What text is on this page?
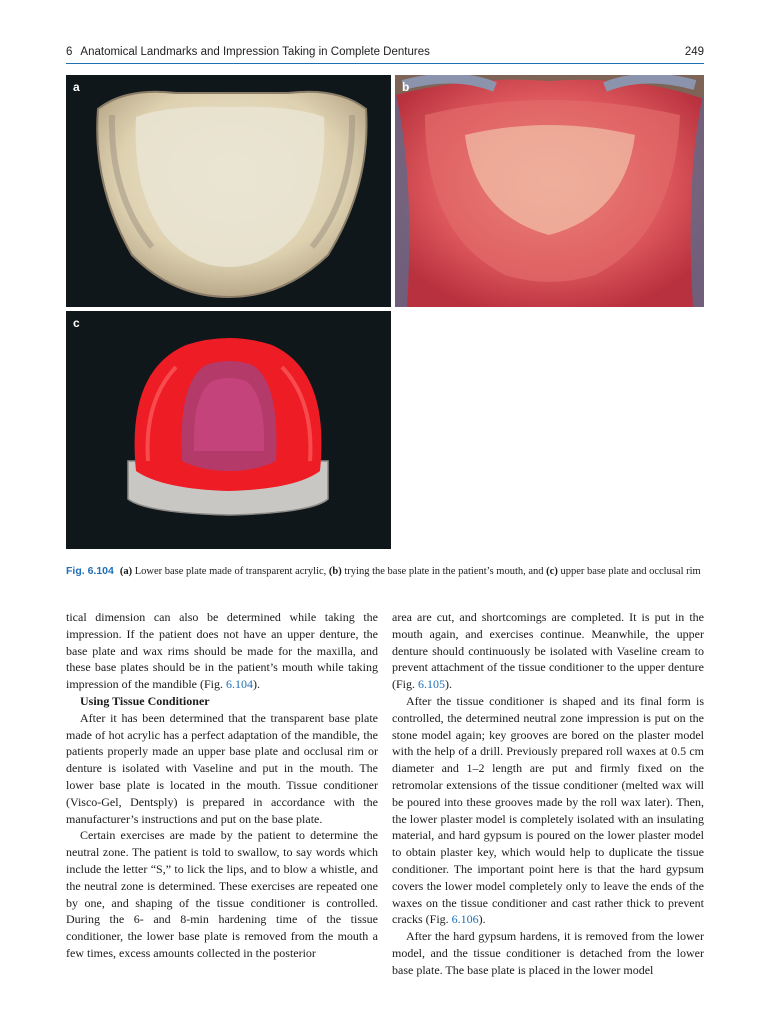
6 Anatomical Landmarks and Impression Taking in Complete Dentures	249
a	b
c
Fig. 6.104 (a) Lower base plate made of transparent acrylic, (b) trying the base plate in the patient’s mouth, and (c) upper base plate and occlusal rim

tical dimension can also be determined while taking the impression. If the patient does not have an upper denture, the base plate and wax rims should be made for the maxilla, and these base plates should be in the patient’s mouth while taking impression of the mandible (Fig. 6.104).

Using Tissue Conditioner

After it has been determined that the transparent base plate made of hot acrylic has a perfect adaptation of the mandible, the patients properly made an upper base plate and occlusal rim or denture is isolated with Vaseline and put in the mouth. The lower base plate is located in the mouth. Tissue conditioner (Visco-Gel, Dentsply) is prepared in accordance with the manufacturer’s instructions and put on the base plate.

Certain exercises are made by the patient to determine the neutral zone. The patient is told to swallow, to say words which include the letter “S,” to lick the lips, and to blow a whistle, and the neutral zone is determined. These exercises are repeated one by one, and shaping of the tissue conditioner is controlled. During the 6- and 8-min hardening time of the tissue conditioner, the lower base plate is removed from the mouth a few times, excess amounts collected in the posterior

area are cut, and shortcomings are completed. It is put in the mouth again, and exercises continue. Meanwhile, the upper denture should continuously be isolated with Vaseline cream to prevent attachment of the tissue conditioner to the upper denture (Fig. 6.105).

After the tissue conditioner is shaped and its final form is controlled, the determined neutral zone impression is put on the stone model again; key grooves are bored on the plaster model with the help of a drill. Previously prepared roll waxes at 0.5 cm diameter and 1–2 length are put and firmly fixed on the retromolar extensions of the tissue conditioner (melted wax will be poured into these grooves made by the roll wax later). Then, the lower plaster model is completely isolated with an insulating material, and hard gypsum is poured on the lower plaster model to obtain plaster key, which would help to duplicate the tissue conditioner. The important point here is that the hard gypsum covers the lower model completely only to leave the ends of the waxes on the tissue conditioner and cast rather thick to prevent cracks (Fig. 6.106).

After the hard gypsum hardens, it is removed from the lower model, and the tissue conditioner is detached from the lower base plate. The base plate is placed in the lower model
